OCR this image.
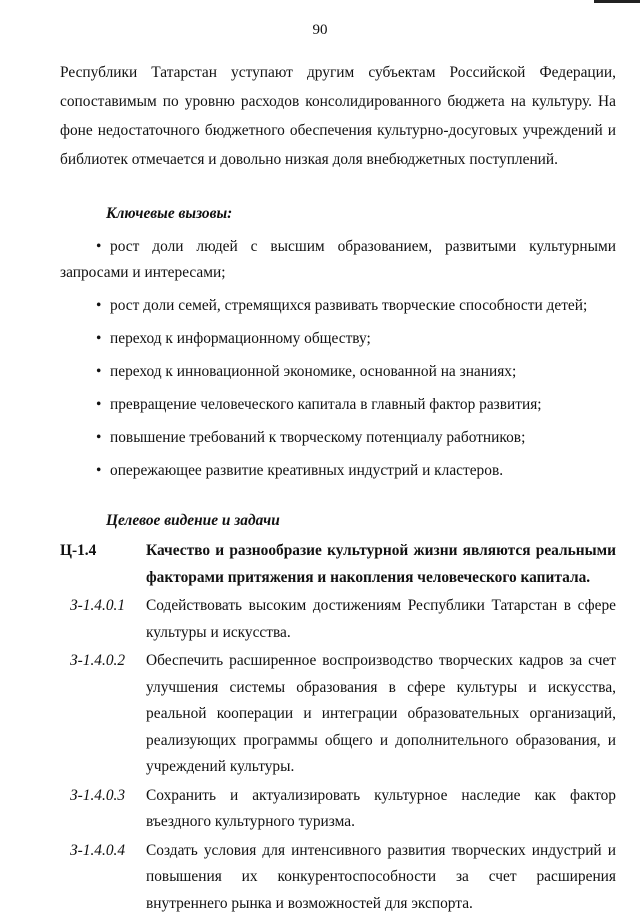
90

Республики Татарстан уступают другим субъектам Российской Федерации, сопоставимым по уровню расходов консолидированного бюджета на культуру. На фоне недостаточного бюджетного обеспечения культурно-досуговых учреждений и библиотек отмечается и довольно низкая доля внебюджетных поступлений.

Ключевые вызовы:
• рост доли людей с высшим образованием, развитыми культурными запросами и интересами;
• рост доли семей, стремящихся развивать творческие способности детей;
• переход к информационному обществу;
• переход к инновационной экономике, основанной на знаниях;
• превращение человеческого капитала в главный фактор развития;
• повышение требований к творческому потенциалу работников;
• опережающее развитие креативных индустрий и кластеров.
Целевое видение и задачи
Ц-1.4	Качество и разнообразие культурной жизни являются реальными факторами притяжения и накопления человеческого капитала.
З-1.4.0.1	Содействовать высоким достижениям Республики Татарстан в сфере культуры и искусства.
З-1.4.0.2	Обеспечить расширенное воспроизводство творческих кадров за счет улучшения системы образования в сфере культуры и искусства, реальной кооперации и интеграции образовательных организаций, реализующих программы общего и дополнительного образования, и учреждений культуры.
З-1.4.0.3	Сохранить и актуализировать культурное наследие как фактор въездного культурного туризма.
З-1.4.0.4	Создать условия для интенсивного развития творческих индустрий и повышения их конкурентоспособности за счет расширения внутреннего рынка и возможностей для экспорта.
